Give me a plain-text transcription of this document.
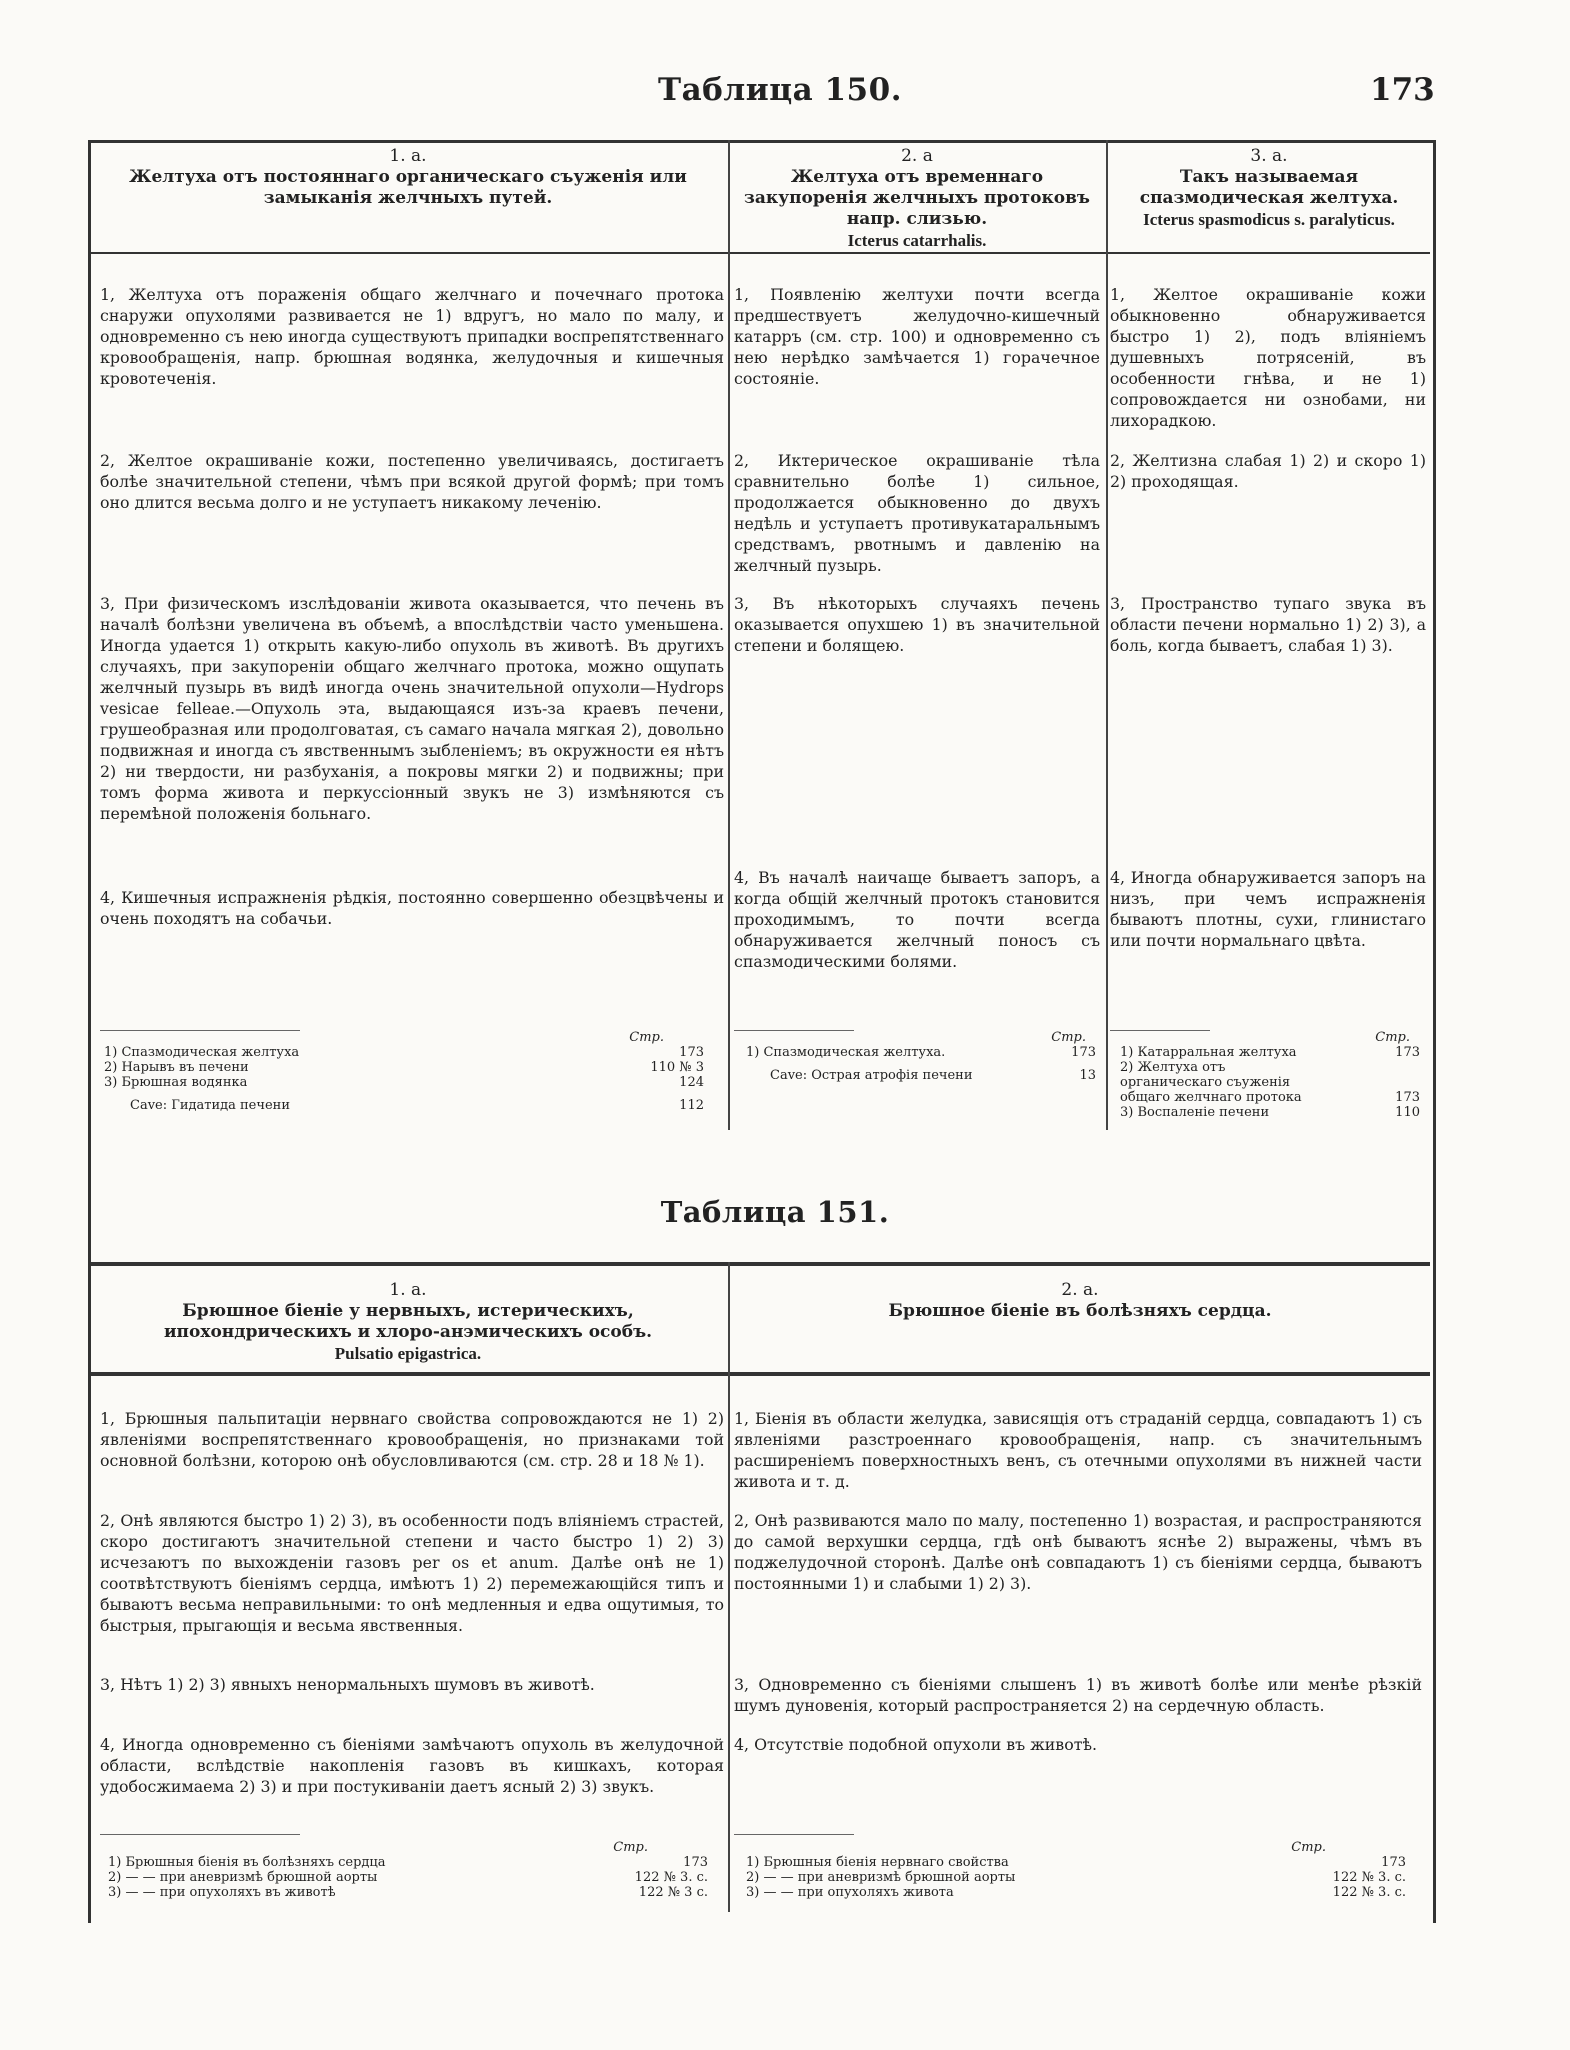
Таблица 150.	173
1. a.
Желтуха отъ постояннаго органическаго съуженія или замыканія желчныхъ путей.
2. a
Желтуха отъ временнаго закупоренія желчныхъ протоковъ напр. слизью.
Icterus catarrhalis.
3. a.
Такъ называемая спазмодическая желтуха.
Icterus spasmodicus s. paralyticus.
1, Желтуха отъ пораженія общаго желчнаго и почечнаго протока снаружи опухолями развивается не 1) вдругъ, но мало по малу, и одновременно съ нею иногда существуютъ припадки воспрепятственнаго кровообращенія, напр. брюшная водянка, желудочныя и кишечныя кровотеченія.
2, Желтое окрашиваніе кожи, постепенно увеличиваясь, достигаетъ болѣе значительной степени, чѣмъ при всякой другой формѣ; при томъ оно длится весьма долго и не уступаетъ никакому леченію.
3, При физическомъ изслѣдованіи живота оказывается, что печень въ началѣ болѣзни увеличена въ объемѣ, а впослѣдствіи часто уменьшена. Иногда удается 1) открыть какую-либо опухоль въ животѣ. Въ другихъ случаяхъ, при закупореніи общаго желчнаго протока, можно ощупать желчный пузырь въ видѣ иногда очень значительной опухоли—Hydrops vesicae felleae.—Опухоль эта, выдающаяся изъ-за краевъ печени, грушеобразная или продолговатая, съ самаго начала мягкая 2), довольно подвижная и иногда съ явственнымъ зыбленіемъ; въ окружности ея нѣтъ 2) ни твердости, ни разбуханія, а покровы мягки 2) и подвижны; при томъ форма живота и перкуссіонный звукъ не 3) измѣняются съ перемѣной положенія больнаго.
4, Кишечныя испражненія рѣдкія, постоянно совершенно обезцвѣчены и очень походятъ на собачьи.
1, Появленію желтухи почти всегда предшествуетъ желудочно-кишечный катарръ (см. стр. 100) и одновременно съ нею нерѣдко замѣчается 1) горачечное состояніе.
2, Иктерическое окрашиваніе тѣла сравнительно болѣе 1) сильное, продолжается обыкновенно до двухъ недѣль и уступаетъ противукатаральнымъ средствамъ, рвотнымъ и давленію на желчный пузырь.
3, Въ нѣкоторыхъ случаяхъ печень оказывается опухшею 1) въ значительной степени и болящею.
4, Въ началѣ наичаще бываетъ запоръ, а когда общій желчный протокъ становится проходимымъ, то почти всегда обнаруживается желчный поносъ съ спазмодическими болями.
1, Желтое окрашиваніе кожи обыкновенно обнаруживается быстро 1) 2), подъ вліяніемъ душевныхъ потрясеній, въ особенности гнѣва, и не 1) сопровождается ни ознобами, ни лихорадкою.
2, Желтизна слабая 1) 2) и скоро 1) 2) проходящая.
3, Пространство тупаго звука въ области печени нормально 1) 2) 3), а боль, когда бываетъ, слабая 1) 3).
4, Иногда обнаруживается запоръ на низъ, при чемъ испражненія бываютъ плотны, сухи, глинистаго или почти нормальнаго цвѣта.
Стр.
1) Спазмодическая желтуха	173
2) Нарывъ въ печени	110 № 3
3) Брюшная водянка	124
Cave: Гидатида печени	112
Стр.
1) Спазмодическая желтуха.	173
Cave: Острая атрофія печени	13
Стр.
1) Катарральная желтуха	173
2) Желтуха отъ органическаго съуженія общаго желчнаго протока	173
3) Воспаленіе печени	110
Таблица 151.
1. a.
Брюшное біеніе у нервныхъ, истерическихъ, ипохондрическихъ и хлоро-анэмическихъ особъ.
Pulsatio epigastrica.
2. a.
Брюшное біеніе въ болѣзняхъ сердца.
1, Брюшныя пальпитаціи нервнаго свойства сопровождаются не 1) 2) явленіями воспрепятственнаго кровообращенія, но признаками той основной болѣзни, которою онѣ обусловливаются (см. стр. 28 и 18 № 1).
2, Онѣ являются быстро 1) 2) 3), въ особенности подъ вліяніемъ страстей, скоро достигаютъ значительной степени и часто быстро 1) 2) 3) исчезаютъ по выхожденіи газовъ per os et anum. Далѣе онѣ не 1) соотвѣтствуютъ біеніямъ сердца, имѣютъ 1) 2) перемежающійся типъ и бываютъ весьма неправильными: то онѣ медленныя и едва ощутимыя, то быстрыя, прыгающія и весьма явственныя.
3, Нѣтъ 1) 2) 3) явныхъ ненормальныхъ шумовъ въ животѣ.
4, Иногда одновременно съ біеніями замѣчаютъ опухоль въ желудочной области, вслѣдствіе накопленія газовъ въ кишкахъ, которая удобосжимаема 2) 3) и при постукиваніи даетъ ясный 2) 3) звукъ.
1, Біенія въ области желудка, зависящія отъ страданій сердца, совпадаютъ 1) съ явленіями разстроеннаго кровообращенія, напр. съ значительнымъ расширеніемъ поверхностныхъ венъ, съ отечными опухолями въ нижней части живота и т. д.
2, Онѣ развиваются мало по малу, постепенно 1) возрастая, и распространяются до самой верхушки сердца, гдѣ онѣ бываютъ яснѣе 2) выражены, чѣмъ въ поджелудочной сторонѣ. Далѣе онѣ совпадаютъ 1) съ біеніями сердца, бываютъ постоянными 1) и слабыми 1) 2) 3).
3, Одновременно съ біеніями слышенъ 1) въ животѣ болѣе или менѣе рѣзкій шумъ дуновенія, который распространяется 2) на сердечную область.
4, Отсутствіе подобной опухоли въ животѣ.
Стр.
1) Брюшныя біенія въ болѣзняхъ сердца	173
2) — — при аневризмѣ брюшной аорты	122 № 3. с.
3) — — при опухоляхъ въ животѣ	122 № 3 с.
Стр.
1) Брюшныя біенія нервнаго свойства	173
2) — — при аневризмѣ брюшной аорты	122 № 3. с.
3) — — при опухоляхъ живота	122 № 3. с.
